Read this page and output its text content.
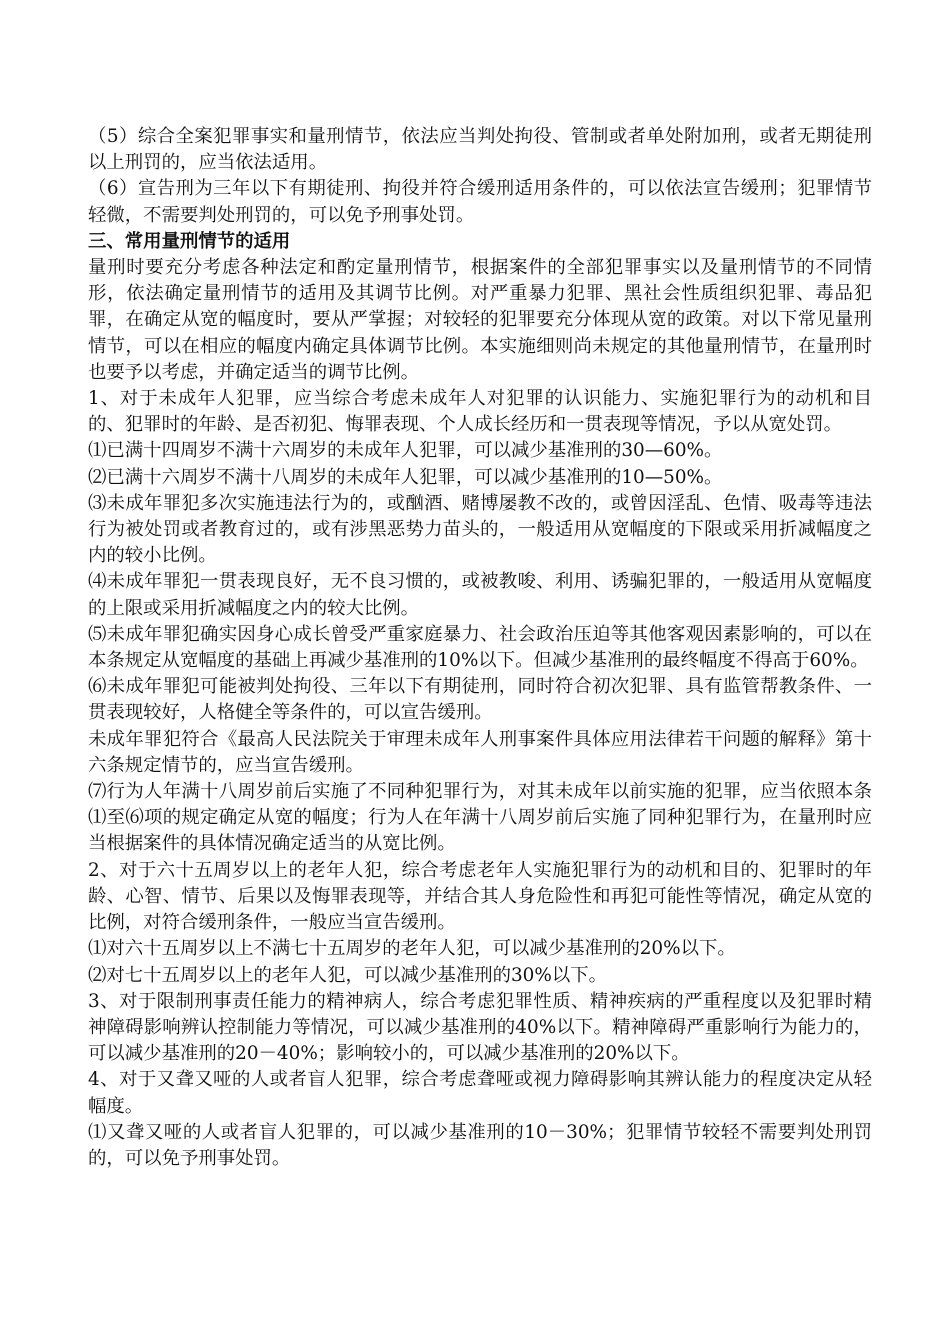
（5）综合全案犯罪事实和量刑情节，依法应当判处拘役、管制或者单处附加刑，或者无期徒刑以上刑罚的，应当依法适用。

（6）宣告刑为三年以下有期徒刑、拘役并符合缓刑适用条件的，可以依法宣告缓刑；犯罪情节轻微，不需要判处刑罚的，可以免予刑事处罚。

三、常用量刑情节的适用

量刑时要充分考虑各种法定和酌定量刑情节，根据案件的全部犯罪事实以及量刑情节的不同情形，依法确定量刑情节的适用及其调节比例。对严重暴力犯罪、黑社会性质组织犯罪、毒品犯罪，在确定从宽的幅度时，要从严掌握；对较轻的犯罪要充分体现从宽的政策。对以下常见量刑情节，可以在相应的幅度内确定具体调节比例。本实施细则尚未规定的其他量刑情节，在量刑时也要予以考虑，并确定适当的调节比例。

1、对于未成年人犯罪，应当综合考虑未成年人对犯罪的认识能力、实施犯罪行为的动机和目的、犯罪时的年龄、是否初犯、悔罪表现、个人成长经历和一贯表现等情况，予以从宽处罚。

⑴已满十四周岁不满十六周岁的未成年人犯罪，可以减少基准刑的30—60%。

⑵已满十六周岁不满十八周岁的未成年人犯罪，可以减少基准刑的10—50%。

⑶未成年罪犯多次实施违法行为的，或酗酒、赌博屡教不改的，或曾因淫乱、色情、吸毒等违法行为被处罚或者教育过的，或有涉黑恶势力苗头的，一般适用从宽幅度的下限或采用折减幅度之内的较小比例。

⑷未成年罪犯一贯表现良好，无不良习惯的，或被教唆、利用、诱骗犯罪的，一般适用从宽幅度的上限或采用折减幅度之内的较大比例。

⑸未成年罪犯确实因身心成长曾受严重家庭暴力、社会政治压迫等其他客观因素影响的，可以在本条规定从宽幅度的基础上再减少基准刑的10%以下。但减少基准刑的最终幅度不得高于60%。

⑹未成年罪犯可能被判处拘役、三年以下有期徒刑，同时符合初次犯罪、具有监管帮教条件、一贯表现较好，人格健全等条件的，可以宣告缓刑。

未成年罪犯符合《最高人民法院关于审理未成年人刑事案件具体应用法律若干问题的解释》第十六条规定情节的，应当宣告缓刑。

⑺行为人年满十八周岁前后实施了不同种犯罪行为，对其未成年以前实施的犯罪，应当依照本条⑴至⑹项的规定确定从宽的幅度；行为人在年满十八周岁前后实施了同种犯罪行为，在量刑时应当根据案件的具体情况确定适当的从宽比例。

2、对于六十五周岁以上的老年人犯，综合考虑老年人实施犯罪行为的动机和目的、犯罪时的年龄、心智、情节、后果以及悔罪表现等，并结合其人身危险性和再犯可能性等情况，确定从宽的比例，对符合缓刑条件，一般应当宣告缓刑。

⑴对六十五周岁以上不满七十五周岁的老年人犯，可以减少基准刑的20%以下。

⑵对七十五周岁以上的老年人犯，可以减少基准刑的30%以下。

3、对于限制刑事责任能力的精神病人，综合考虑犯罪性质、精神疾病的严重程度以及犯罪时精神障碍影响辨认控制能力等情况，可以减少基准刑的40%以下。精神障碍严重影响行为能力的，可以减少基准刑的20－40%；影响较小的，可以减少基准刑的20%以下。

4、对于又聋又哑的人或者盲人犯罪，综合考虑聋哑或视力障碍影响其辨认能力的程度决定从轻幅度。

⑴又聋又哑的人或者盲人犯罪的，可以减少基准刑的10－30%；犯罪情节较轻不需要判处刑罚的，可以免予刑事处罚。
